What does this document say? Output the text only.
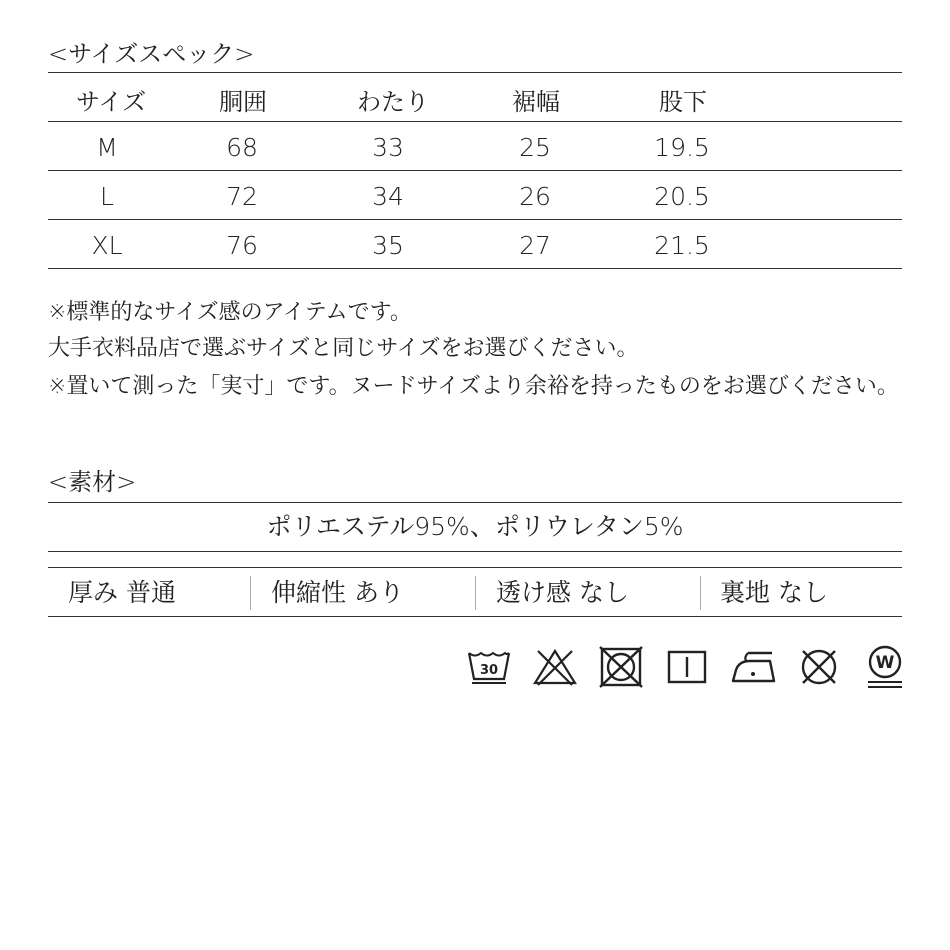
<サイズスペック>
サイズ	胴囲	わたり	裾幅	股下
M	68	33	25	19.5
L	72	34	26	20.5
XL	76	35	27	21.5
※標準的なサイズ感のアイテムです。
大手衣料品店で選ぶサイズと同じサイズをお選びください。
※置いて測った「実寸」です。ヌードサイズより余裕を持ったものをお選びください。
<素材>
ポリエステル95%、ポリウレタン5%
厚み 普通	伸縮性 あり	透け感 なし	裏地 なし
30	W
